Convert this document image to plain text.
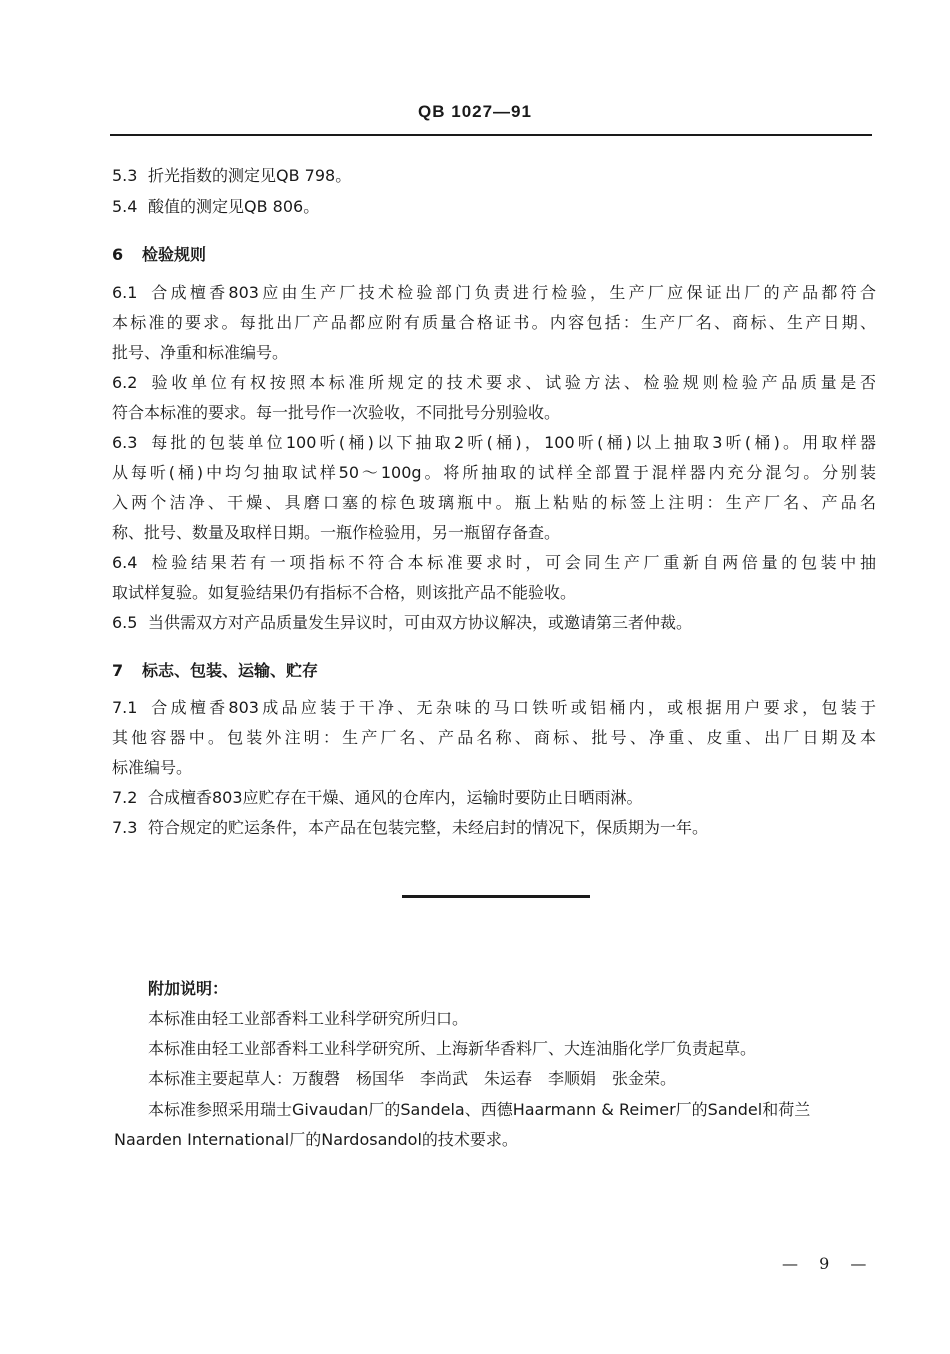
QB 1027—91
5.3 折光指数的测定见QB 798。
5.4 酸值的测定见QB 806。
6 检验规则
6.1 合成檀香803应由生产厂技术检验部门负责进行检验，生产厂应保证出厂的产品都符合
本标准的要求。每批出厂产品都应附有质量合格证书。内容包括：生产厂名、商标、生产日期、
批号、净重和标准编号。
6.2 验收单位有权按照本标准所规定的技术要求、试验方法、检验规则检验产品质量是否
符合本标准的要求。每一批号作一次验收，不同批号分别验收。
6.3 每批的包装单位100听(桶)以下抽取2听(桶)，100听(桶)以上抽取3听(桶)。用取样器
从每听(桶)中均匀抽取试样50～100g。将所抽取的试样全部置于混样器内充分混匀。分别装
入两个洁净、干燥、具磨口塞的棕色玻璃瓶中。瓶上粘贴的标签上注明：生产厂名、产品名
称、批号、数量及取样日期。一瓶作检验用，另一瓶留存备查。
6.4 检验结果若有一项指标不符合本标准要求时，可会同生产厂重新自两倍量的包装中抽
取试样复验。如复验结果仍有指标不合格，则该批产品不能验收。
6.5 当供需双方对产品质量发生异议时，可由双方协议解决，或邀请第三者仲裁。
7 标志、包装、运输、贮存
7.1 合成檀香803成品应装于干净、无杂味的马口铁听或铝桶内，或根据用户要求，包装于
其他容器中。包装外注明：生产厂名、产品名称、商标、批号、净重、皮重、出厂日期及本
标准编号。
7.2 合成檀香803应贮存在干燥、通风的仓库内，运输时要防止日晒雨淋。
7.3 符合规定的贮运条件，本产品在包装完整，未经启封的情况下，保质期为一年。
附加说明：
本标准由轻工业部香料工业科学研究所归口。
本标准由轻工业部香料工业科学研究所、上海新华香料厂、大连油脂化学厂负责起草。
本标准主要起草人：万馥磬　杨国华　李尚武　朱运春　李顺娟　张金荣。
本标准参照采用瑞士Givaudan厂的Sandela、西德Haarmann & Reimer厂的Sandel和荷兰
Naarden International厂的Nardosandol的技术要求。
— 9 —
